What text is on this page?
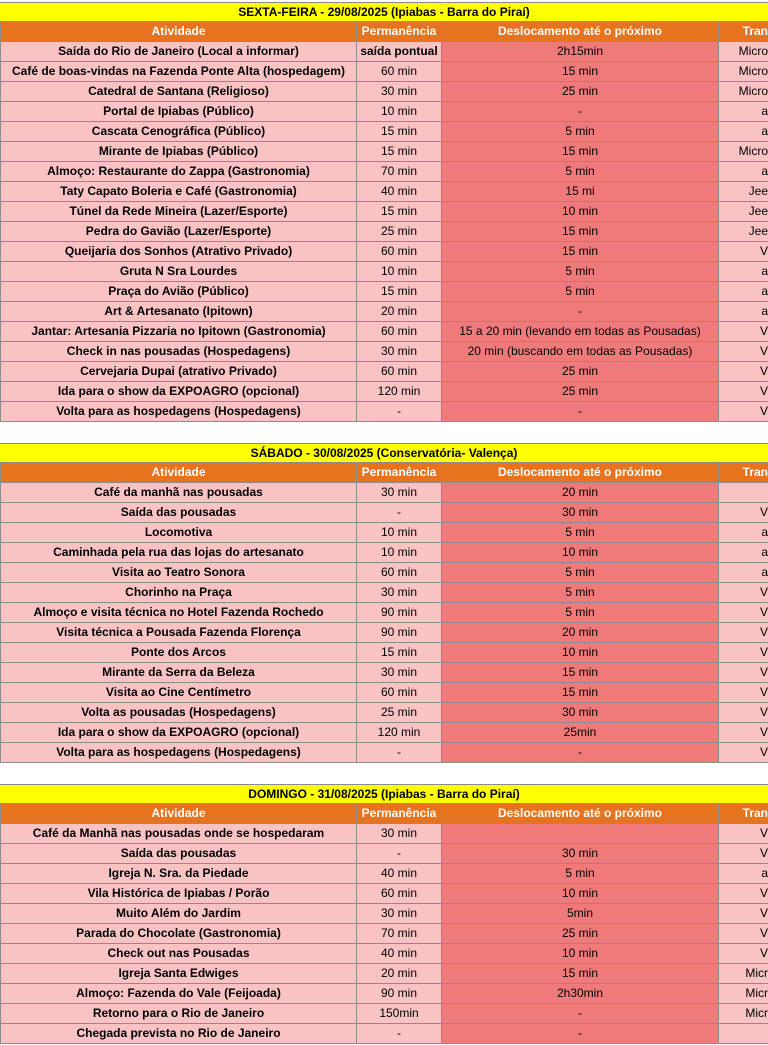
SEXTA-FEIRA - 29/08/2025 (Ipiabas - Barra do Piraí)
Atividade	Permanência	Deslocamento até o próximo	Tran
Saída do Rio de Janeiro (Local a informar)	saída pontual	2h15min	Micro
Café de boas-vindas na Fazenda Ponte Alta (hospedagem)	60 min	15 min	Micro
Catedral de Santana (Religioso)	30 min	25 min	Micro
Portal de Ipiabas (Público)	10 min	-	a
Cascata Cenográfica (Público)	15 min	5 min	a
Mirante de Ipiabas (Público)	15 min	15 min	Micro
Almoço: Restaurante do Zappa (Gastronomia)	70 min	5 min	a
Taty Capato Boleria e Café (Gastronomia)	40 min	15 mi	Jee
Túnel da Rede Mineira (Lazer/Esporte)	15 min	10 min	Jee
Pedra do Gavião (Lazer/Esporte)	25 min	15 min	Jee
Queijaria dos Sonhos (Atrativo Privado)	60 min	15 min	V
Gruta N Sra Lourdes	10 min	5 min	a
Praça do Avião (Público)	15 min	5 min	a
Art & Artesanato (Ipitown)	20 min	-	a
Jantar: Artesania Pizzaria no Ipitown (Gastronomia)	60 min	15 a 20 min (levando em todas as Pousadas)	V
Check in nas pousadas (Hospedagens)	30 min	20 min (buscando em todas as Pousadas)	V
Cervejaria Dupai (atrativo Privado)	60 min	25 min	V
Ida para o show da EXPOAGRO (opcional)	120 min	25 min	V
Volta para as hospedagens (Hospedagens)	-	-	V
SÁBADO - 30/08/2025 (Conservatória- Valença)
Atividade	Permanência	Deslocamento até o próximo	Tran
Café da manhã nas pousadas	30 min	20 min	
Saída das pousadas	-	30 min	V
Locomotiva	10 min	5 min	a
Caminhada pela rua das lojas do artesanato	10 min	10 min	a
Visita ao Teatro Sonora	60 min	5 min	a
Chorinho na Praça	30 min	5 min	V
Almoço e visita técnica no Hotel Fazenda Rochedo	90 min	5 min	V
Visita técnica a Pousada Fazenda Florença	90 min	20 min	V
Ponte dos Arcos	15 min	10 min	V
Mirante da Serra da Beleza	30 min	15 min	V
Visita ao Cine Centímetro	60 min	15 min	V
Volta as pousadas (Hospedagens)	25 min	30 min	V
Ida para o show da EXPOAGRO (opcional)	120 min	25min	V
Volta para as hospedagens (Hospedagens)	-	-	V
DOMINGO - 31/08/2025 (Ipiabas - Barra do Piraí)
Atividade	Permanência	Deslocamento até o próximo	Tran
Café da Manhã nas pousadas onde se hospedaram	30 min		V
Saída das pousadas	-	30 min	V
Igreja N. Sra. da Piedade	40 min	5 min	a
Vila Histórica de Ipiabas / Porão	60 min	10 min	V
Muito Além do Jardim	30 min	5min	V
Parada do Chocolate (Gastronomia)	70 min	25 min	V
Check out nas Pousadas	40 min	10 min	V
Igreja Santa Edwiges	20 min	15 min	Micr
Almoço: Fazenda do Vale (Feijoada)	90 min	2h30min	Micr
Retorno para o Rio de Janeiro	150min	-	Micr
Chegada prevista no Rio de Janeiro	-	-	
